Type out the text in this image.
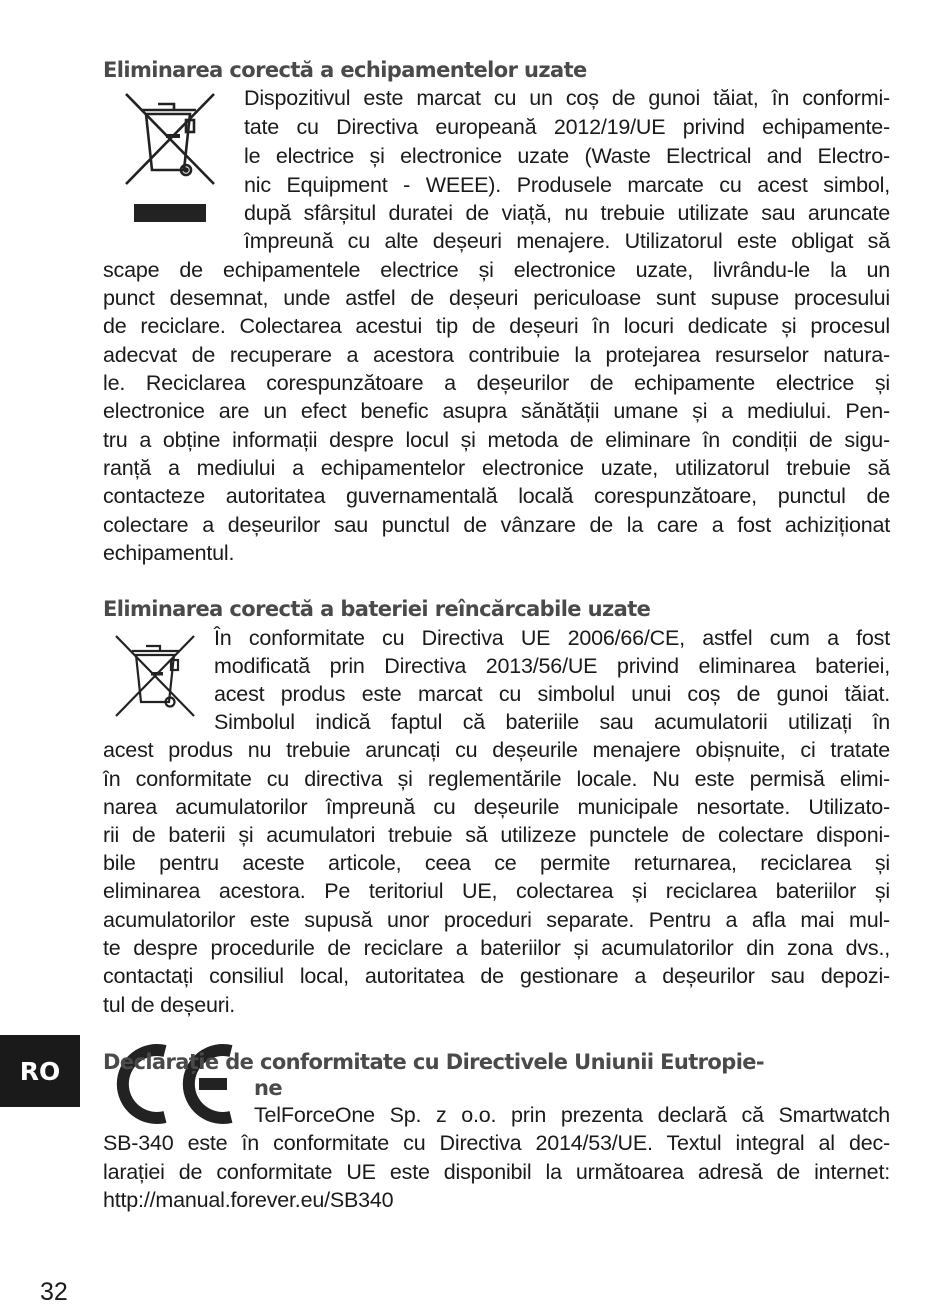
Eliminarea corectă a echipamentelor uzate
Dispozitivul este marcat cu un coș de gunoi tăiat, în conformi-
tate cu Directiva europeană 2012/19/UE privind echipamente-
le electrice și electronice uzate (Waste Electrical and Electro-
nic Equipment - WEEE). Produsele marcate cu acest simbol,
după sfârșitul duratei de viață, nu trebuie utilizate sau aruncate
împreună cu alte deșeuri menajere. Utilizatorul este obligat să
scape de echipamentele electrice și electronice uzate, livrându-le la un
punct desemnat, unde astfel de deșeuri periculoase sunt supuse procesului
de reciclare. Colectarea acestui tip de deșeuri în locuri dedicate și procesul
adecvat de recuperare a acestora contribuie la protejarea resurselor natura-
le. Reciclarea corespunzătoare a deșeurilor de echipamente electrice și
electronice are un efect benefic asupra sănătății umane și a mediului. Pen-
tru a obține informații despre locul și metoda de eliminare în condiții de sigu-
ranță a mediului a echipamentelor electronice uzate, utilizatorul trebuie să
contacteze autoritatea guvernamentală locală corespunzătoare, punctul de
colectare a deșeurilor sau punctul de vânzare de la care a fost achiziționat
echipamentul.
Eliminarea corectă a bateriei reîncărcabile uzate
În conformitate cu Directiva UE 2006/66/CE, astfel cum a fost
modificată prin Directiva 2013/56/UE privind eliminarea bateriei,
acest produs este marcat cu simbolul unui coș de gunoi tăiat.
Simbolul indică faptul că bateriile sau acumulatorii utilizați în
acest produs nu trebuie aruncați cu deșeurile menajere obișnuite, ci tratate
în conformitate cu directiva și reglementările locale. Nu este permisă elimi-
narea acumulatorilor împreună cu deșeurile municipale nesortate. Utilizato-
rii de baterii și acumulatori trebuie să utilizeze punctele de colectare disponi-
bile pentru aceste articole, ceea ce permite returnarea, reciclarea și
eliminarea acestora. Pe teritoriul UE, colectarea și reciclarea bateriilor și
acumulatorilor este supusă unor proceduri separate. Pentru a afla mai mul-
te despre procedurile de reciclare a bateriilor și acumulatorilor din zona dvs.,
contactați consiliul local, autoritatea de gestionare a deșeurilor sau depozi-
tul de deșeuri.
RO Declarație de conformitate cu Directivele Uniunii Eutropie-
ne
TelForceOne Sp. z o.o. prin prezenta declară că Smartwatch
SB-340 este în conformitate cu Directiva 2014/53/UE. Textul integral al dec-
larației de conformitate UE este disponibil la următoarea adresă de internet:
http://manual.forever.eu/SB340
32
